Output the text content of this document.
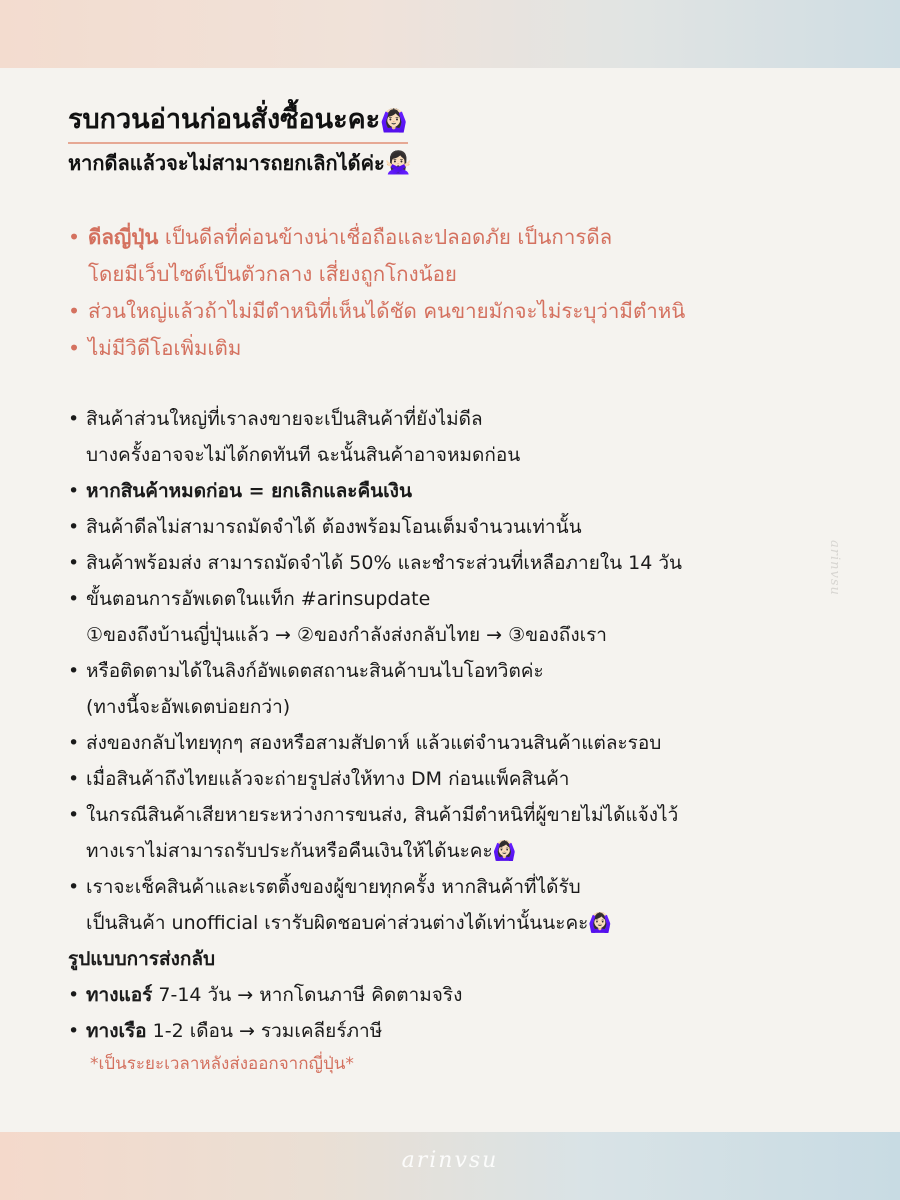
arinvsu
รบกวนอ่านก่อนสั่งซื้อนะคะ🙆🏻‍♀️
หากดีลแล้วจะไม่สามารถยกเลิกได้ค่ะ🙅🏻‍♀️
• ดีลญี่ปุ่น เป็นดีลที่ค่อนข้างน่าเชื่อถือและปลอดภัย เป็นการดีล
โดยมีเว็บไซต์เป็นตัวกลาง เสี่ยงถูกโกงน้อย
• ส่วนใหญ่แล้วถ้าไม่มีตำหนิที่เห็นได้ชัด คนขายมักจะไม่ระบุว่ามีตำหนิ
• ไม่มีวิดีโอเพิ่มเติม
• สินค้าส่วนใหญ่ที่เราลงขายจะเป็นสินค้าที่ยังไม่ดีล
บางครั้งอาจจะไม่ได้กดทันที ฉะนั้นสินค้าอาจหมดก่อน
• หากสินค้าหมดก่อน = ยกเลิกและคืนเงิน
• สินค้าดีลไม่สามารถมัดจำได้ ต้องพร้อมโอนเต็มจำนวนเท่านั้น
• สินค้าพร้อมส่ง สามารถมัดจำได้ 50% และชำระส่วนที่เหลือภายใน 14 วัน
• ขั้นตอนการอัพเดตในแท็ก #arinsupdate
①ของถึงบ้านญี่ปุ่นแล้ว → ②ของกำลังส่งกลับไทย → ③ของถึงเรา
• หรือติดตามได้ในลิงก์อัพเดตสถานะสินค้าบนไบโอทวิตค่ะ
(ทางนี้จะอัพเดตบ่อยกว่า)
• ส่งของกลับไทยทุกๆ สองหรือสามสัปดาห์ แล้วแต่จำนวนสินค้าแต่ละรอบ
• เมื่อสินค้าถึงไทยแล้วจะถ่ายรูปส่งให้ทาง DM ก่อนแพ็คสินค้า
• ในกรณีสินค้าเสียหายระหว่างการขนส่ง, สินค้ามีตำหนิที่ผู้ขายไม่ได้แจ้งไว้
ทางเราไม่สามารถรับประกันหรือคืนเงินให้ได้นะคะ🙆🏻‍♀️
• เราจะเช็คสินค้าและเรตติ้งของผู้ขายทุกครั้ง หากสินค้าที่ได้รับ
เป็นสินค้า unofficial เรารับผิดชอบค่าส่วนต่างได้เท่านั้นนะคะ🙆🏻‍♀️
รูปแบบการส่งกลับ
• ทางแอร์ 7-14 วัน → หากโดนภาษี คิดตามจริง
• ทางเรือ 1-2 เดือน → รวมเคลียร์ภาษี
*เป็นระยะเวลาหลังส่งออกจากญี่ปุ่น*
arinvsu
